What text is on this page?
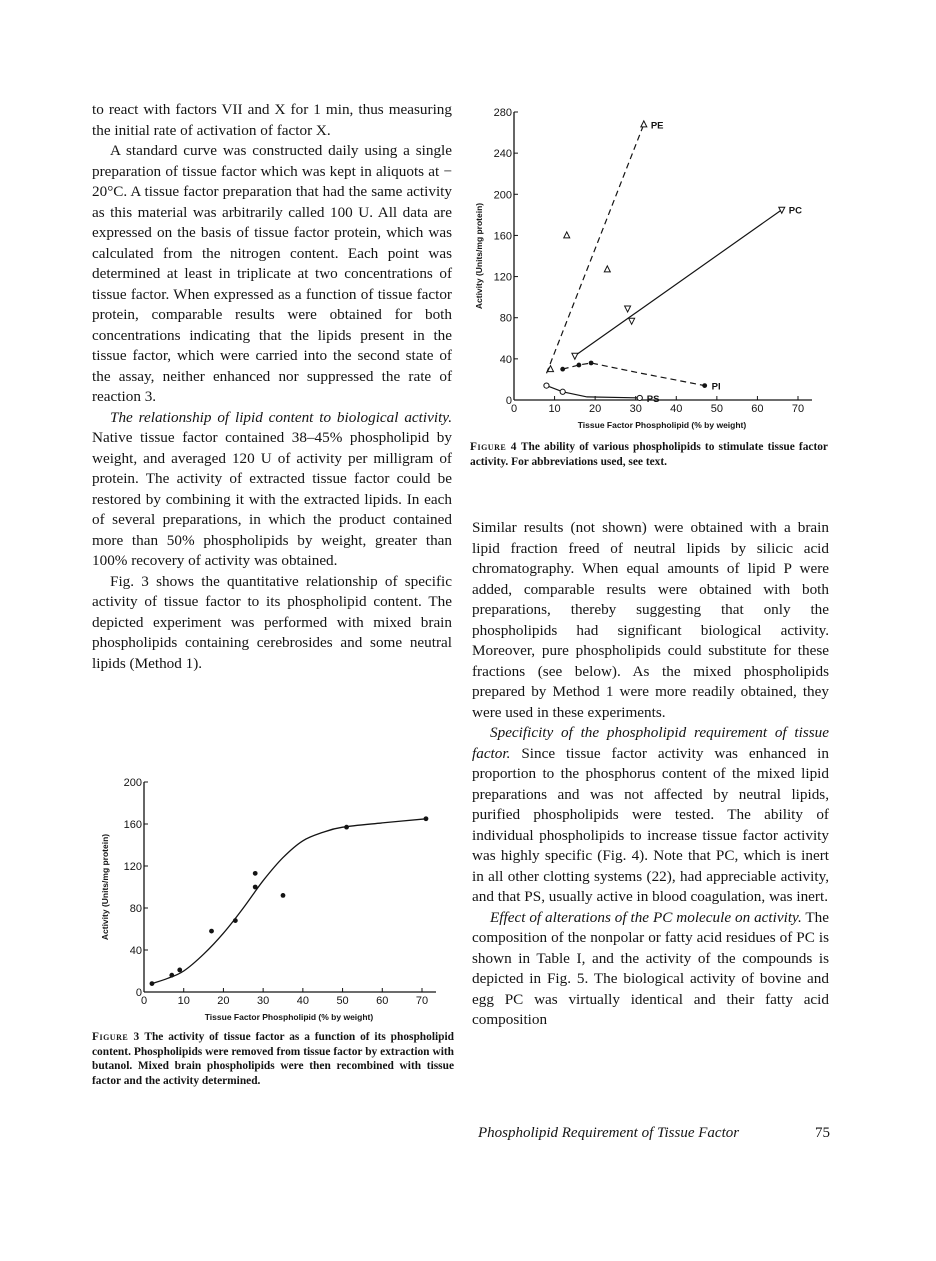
to react with factors VII and X for 1 min, thus measuring the initial rate of activation of factor X.

A standard curve was constructed daily using a single preparation of tissue factor which was kept in aliquots at − 20°C. A tissue factor preparation that had the same activity as this material was arbitrarily called 100 U. All data are expressed on the basis of tissue factor protein, which was calculated from the nitrogen content. Each point was determined at least in triplicate at two concentrations of tissue factor. When expressed as a function of tissue factor protein, comparable results were obtained for both concentrations indicating that the lipids present in the tissue factor, which were carried into the second state of the assay, neither enhanced nor suppressed the rate of reaction 3.

The relationship of lipid content to biological activity. Native tissue factor contained 38–45% phospholipid by weight, and averaged 120 U of activity per milligram of protein. The activity of extracted tissue factor could be restored by combining it with the extracted lipids. In each of several preparations, in which the product contained more than 50% phospholipids by weight, greater than 100% recovery of activity was obtained.

Fig. 3 shows the quantitative relationship of specific activity of tissue factor to its phospholipid content. The depicted experiment was performed with mixed brain phospholipids containing cerebrosides and some neutral lipids (Method 1).

0	10 20 30 40 50 60 70
0
40
80
120
160
200
Tissue Factor Phospholipid (% by weight)
Activity (Units/mg protein)
Figure 3 The activity of tissue factor as a function of its phospholipid content. Phospholipids were removed from tissue factor by extraction with butanol. Mixed brain phospholipids were then recombined with tissue factor and the activity determined.
0	10	20	30	40	50	60	70
0
40
80
120
160
200
240
280
Tissue Factor Phospholipid (% by weight)
Activity (Units/mg protein)
PE
PC
PI
PS
Figure 4 The ability of various phospholipids to stimulate tissue factor activity. For abbreviations used, see text.

Similar results (not shown) were obtained with a brain lipid fraction freed of neutral lipids by silicic acid chromatography. When equal amounts of lipid P were added, comparable results were obtained with both preparations, thereby suggesting that only the phospholipids had significant biological activity. Moreover, pure phospholipids could substitute for these fractions (see below). As the mixed phospholipids prepared by Method 1 were more readily obtained, they were used in these experiments.

Specificity of the phospholipid requirement of tissue factor. Since tissue factor activity was enhanced in proportion to the phosphorus content of the mixed lipid preparations and was not affected by neutral lipids, purified phospholipids were tested. The ability of individual phospholipids to increase tissue factor activity was highly specific (Fig. 4). Note that PC, which is inert in all other clotting systems (22), had appreciable activity, and that PS, usually active in blood coagulation, was inert.

Effect of alterations of the PC molecule on activity. The composition of the nonpolar or fatty acid residues of PC is shown in Table I, and the activity of the compounds is depicted in Fig. 5. The biological activity of bovine and egg PC was virtually identical and their fatty acid composition

Phospholipid Requirement of Tissue Factor	75
